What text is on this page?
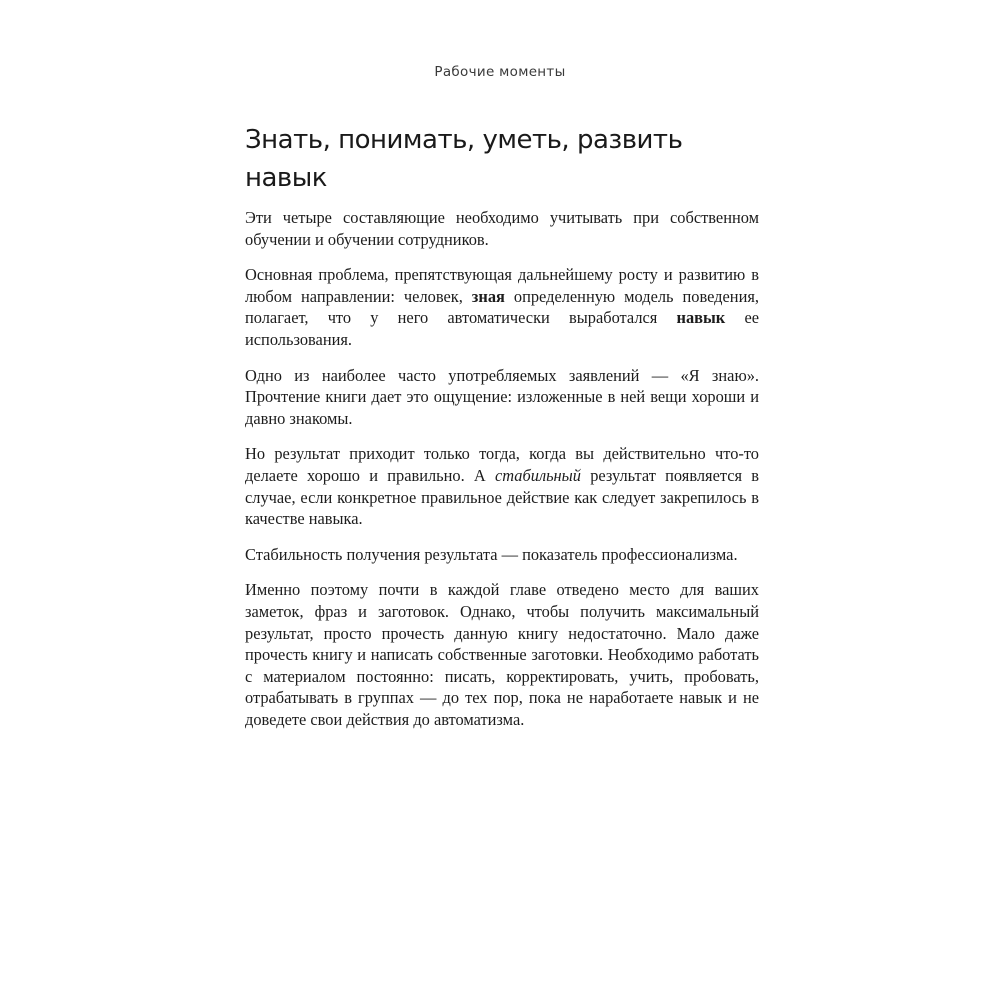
Рабочие моменты
Знать, понимать, уметь, развить навык

Эти четыре составляющие необходимо учитывать при собственном обучении и обучении сотрудников.

Основная проблема, препятствующая дальнейшему росту и развитию в любом направлении: человек, зная определенную модель поведения, полагает, что у него автоматически выработался навык ее использования.

Одно из наиболее часто употребляемых заявлений — «Я знаю». Прочтение книги дает это ощущение: изложенные в ней вещи хороши и давно знакомы.

Но результат приходит только тогда, когда вы действительно что-то делаете хорошо и правильно. А стабильный результат появляется в случае, если конкретное правильное действие как следует закрепилось в качестве навыка.

Стабильность получения результата — показатель профессионализма.

Именно поэтому почти в каждой главе отведено место для ваших заметок, фраз и заготовок. Однако, чтобы получить максимальный результат, просто прочесть данную книгу недостаточно. Мало даже прочесть книгу и написать собственные заготовки. Необходимо работать с материалом постоянно: писать, корректировать, учить, пробовать, отрабатывать в группах — до тех пор, пока не наработаете навык и не доведете свои действия до автоматизма.
